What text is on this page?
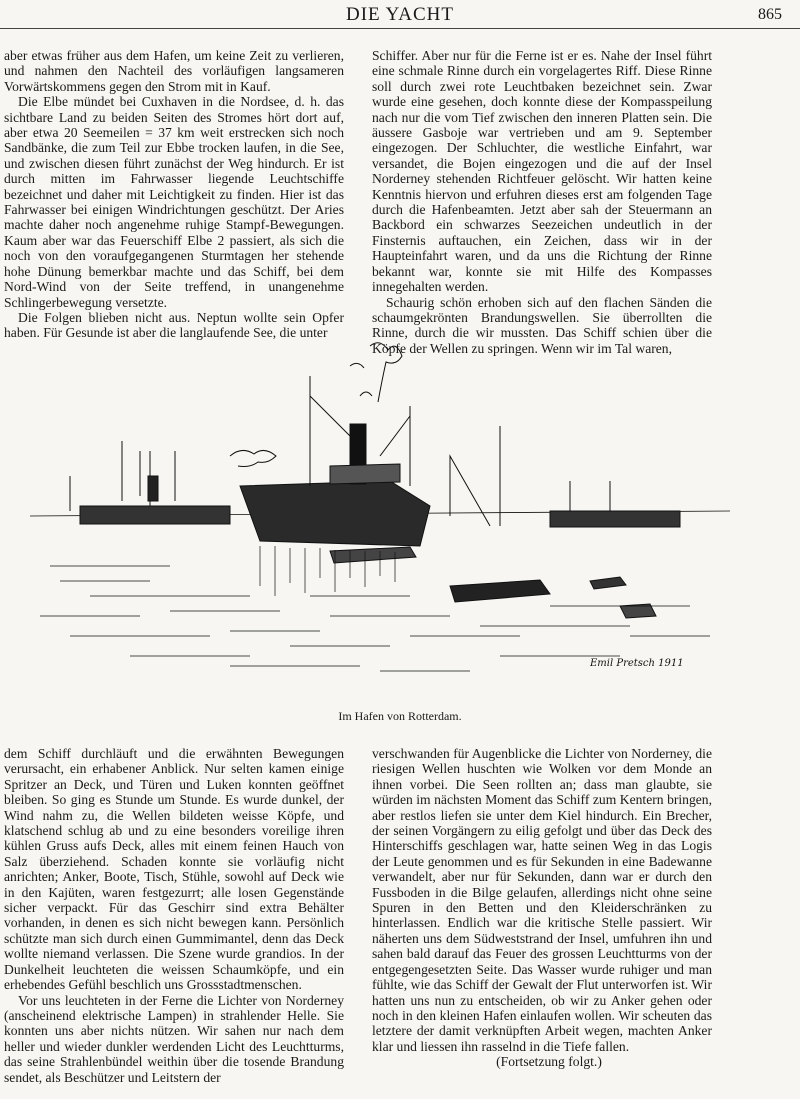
DIE YACHT	865

aber etwas früher aus dem Hafen, um keine Zeit zu verlieren, und nahmen den Nachteil des vorläufigen langsameren Vorwärtskommens gegen den Strom mit in Kauf.

Die Elbe mündet bei Cuxhaven in die Nordsee, d. h. das sichtbare Land zu beiden Seiten des Stromes hört dort auf, aber etwa 20 Seemeilen = 37 km weit erstrecken sich noch Sandbänke, die zum Teil zur Ebbe trocken laufen, in die See, und zwischen diesen führt zunächst der Weg hindurch. Er ist durch mitten im Fahrwasser liegende Leuchtschiffe bezeichnet und daher mit Leichtigkeit zu finden. Hier ist das Fahrwasser bei einigen Windrichtungen geschützt. Der Aries machte daher noch angenehme ruhige Stampf-Bewegungen. Kaum aber war das Feuerschiff Elbe 2 passiert, als sich die noch von den voraufgegangenen Sturmtagen her stehende hohe Dünung bemerkbar machte und das Schiff, bei dem Nord-Wind von der Seite treffend, in unangenehme Schlingerbewegung versetzte.

Die Folgen blieben nicht aus. Neptun wollte sein Opfer haben. Für Gesunde ist aber die langlaufende See, die unter

Schiffer. Aber nur für die Ferne ist er es. Nahe der Insel führt eine schmale Rinne durch ein vorgelagertes Riff. Diese Rinne soll durch zwei rote Leuchtbaken bezeichnet sein. Zwar wurde eine gesehen, doch konnte diese der Kompasspeilung nach nur die vom Tief zwischen den inneren Platten sein. Die äussere Gasboje war vertrieben und am 9. September eingezogen. Der Schluchter, die westliche Einfahrt, war versandet, die Bojen eingezogen und die auf der Insel Norderney stehenden Richtfeuer gelöscht. Wir hatten keine Kenntnis hiervon und erfuhren dieses erst am folgenden Tage durch die Hafenbeamten. Jetzt aber sah der Steuermann an Backbord ein schwarzes Seezeichen undeutlich in der Finsternis auftauchen, ein Zeichen, dass wir in der Haupteinfahrt waren, und da uns die Richtung der Rinne bekannt war, konnte sie mit Hilfe des Kompasses innegehalten werden.

Schaurig schön erhoben sich auf den flachen Sänden die schaumgekrönten Brandungswellen. Sie überrollten die Rinne, durch die wir mussten. Das Schiff schien über die Köpfe der Wellen zu springen. Wenn wir im Tal waren,

Emil Pretsch 1911
Im Hafen von Rotterdam.

dem Schiff durchläuft und die erwähnten Bewegungen verursacht, ein erhabener Anblick. Nur selten kamen einige Spritzer an Deck, und Türen und Luken konnten geöffnet bleiben. So ging es Stunde um Stunde. Es wurde dunkel, der Wind nahm zu, die Wellen bildeten weisse Köpfe, und klatschend schlug ab und zu eine besonders voreilige ihren kühlen Gruss aufs Deck, alles mit einem feinen Hauch von Salz überziehend. Schaden konnte sie vorläufig nicht anrichten; Anker, Boote, Tisch, Stühle, sowohl auf Deck wie in den Kajüten, waren festgezurrt; alle losen Gegenstände sicher verpackt. Für das Geschirr sind extra Behälter vorhanden, in denen es sich nicht bewegen kann. Persönlich schützte man sich durch einen Gummimantel, denn das Deck wollte niemand verlassen. Die Szene wurde grandios. In der Dunkelheit leuchteten die weissen Schaumköpfe, und ein erhebendes Gefühl beschlich uns Grossstadtmenschen.

Vor uns leuchteten in der Ferne die Lichter von Norderney (anscheinend elektrische Lampen) in strahlender Helle. Sie konnten uns aber nichts nützen. Wir sahen nur nach dem heller und wieder dunkler werdenden Licht des Leuchtturms, das seine Strahlenbündel weithin über die tosende Brandung sendet, als Beschützer und Leitstern der

verschwanden für Augenblicke die Lichter von Norderney, die riesigen Wellen huschten wie Wolken vor dem Monde an ihnen vorbei. Die Seen rollten an; dass man glaubte, sie würden im nächsten Moment das Schiff zum Kentern bringen, aber restlos liefen sie unter dem Kiel hindurch. Ein Brecher, der seinen Vorgängern zu eilig gefolgt und über das Deck des Hinterschiffs geschlagen war, hatte seinen Weg in das Logis der Leute genommen und es für Sekunden in eine Badewanne verwandelt, aber nur für Sekunden, dann war er durch den Fussboden in die Bilge gelaufen, allerdings nicht ohne seine Spuren in den Betten und den Kleiderschränken zu hinterlassen. Endlich war die kritische Stelle passiert. Wir näherten uns dem Südweststrand der Insel, umfuhren ihn und sahen bald darauf das Feuer des grossen Leuchtturms von der entgegengesetzten Seite. Das Wasser wurde ruhiger und man fühlte, wie das Schiff der Gewalt der Flut unterworfen ist. Wir hatten uns nun zu entscheiden, ob wir zu Anker gehen oder noch in den kleinen Hafen einlaufen wollen. Wir scheuten das letztere der damit verknüpften Arbeit wegen, machten Anker klar und liessen ihn rasselnd in die Tiefe fallen.

(Fortsetzung folgt.)
